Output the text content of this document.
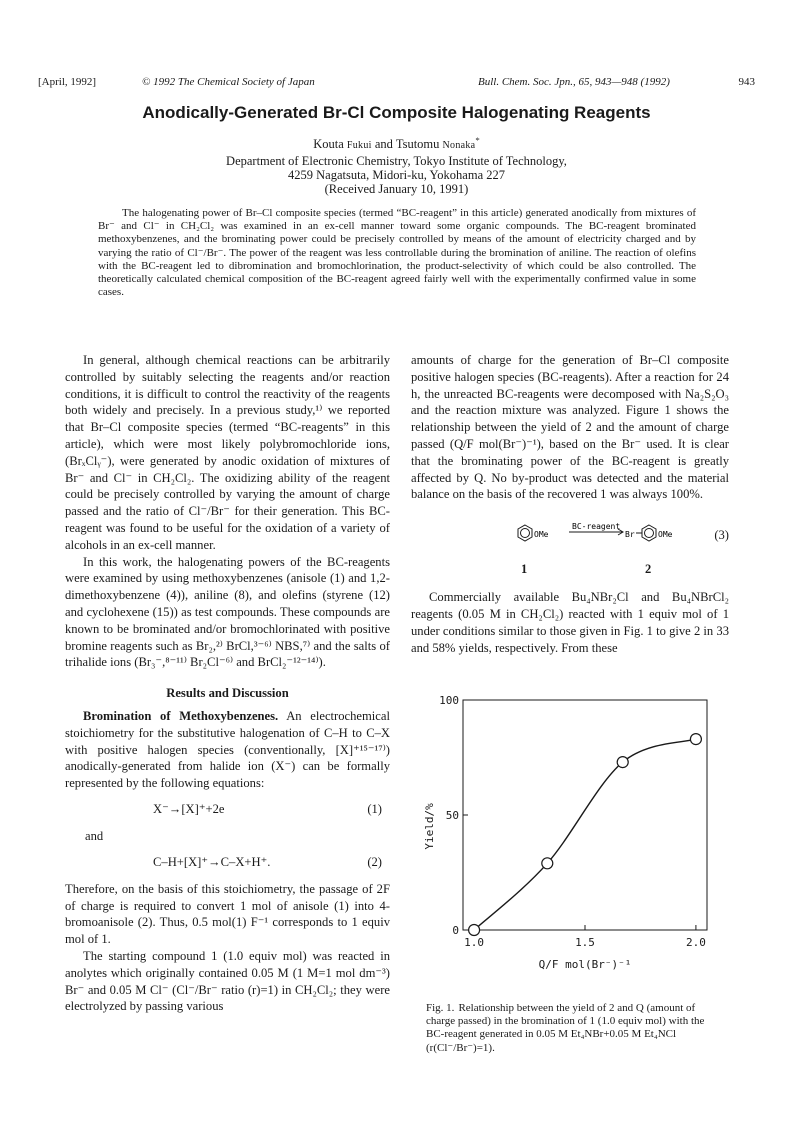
[April, 1992]	© 1992 The Chemical Society of Japan	Bull. Chem. Soc. Jpn., 65, 943—948 (1992)	943
Anodically-Generated Br-Cl Composite Halogenating Reagents
Kouta Fukui and Tsutomu Nonaka*
Department of Electronic Chemistry, Tokyo Institute of Technology,
4259 Nagatsuta, Midori-ku, Yokohama 227
(Received January 10, 1991)

The halogenating power of Br–Cl composite species (termed “BC-reagent” in this article) generated anodically from mixtures of Br⁻ and Cl⁻ in CH₂Cl₂ was examined in an ex-cell manner toward some organic compounds. The BC-reagent brominated methoxybenzenes, and the brominating power could be precisely controlled by means of the amount of electricity charged and by varying the ratio of Cl⁻/Br⁻. The power of the reagent was less controllable during the bromination of aniline. The reaction of olefins with the BC-reagent led to dibromination and bromochlorination, the product-selectivity of which could be also controlled. The theoretically calculated chemical composition of the BC-reagent agreed fairly well with the experimentally confirmed value in some cases.

In general, although chemical reactions can be arbitrarily controlled by suitably selecting the reagents and/or reaction conditions, it is difficult to control the reactivity of the reagents both widely and precisely. In a previous study,¹⁾ we reported that Br–Cl composite species (termed “BC-reagents” in this article), which were most likely polybromochloride ions, (BrₓClᵧ⁻), were generated by anodic oxidation of mixtures of Br⁻ and Cl⁻ in CH₂Cl₂. The oxidizing ability of the reagent could be precisely controlled by varying the amount of charge passed and the ratio of Cl⁻/Br⁻ for their generation. This BC-reagent was found to be useful for the oxidation of a variety of alcohols in an ex-cell manner.

In this work, the halogenating powers of the BC-reagents were examined by using methoxybenzenes (anisole (1) and 1,2-dimethoxybenzene (4)), aniline (8), and olefins (styrene (12) and cyclohexene (15)) as test compounds. These compounds are known to be brominated and/or bromochlorinated with positive bromine reagents such as Br₂,²⁾ BrCl,³⁻⁶⁾ NBS,⁷⁾ and the salts of trihalide ions (Br₃⁻,⁸⁻¹¹⁾ Br₂Cl⁻⁶⁾ and BrCl₂⁻¹²⁻¹⁴⁾).

Results and Discussion

Bromination of Methoxybenzenes. An electrochemical stoichiometry for the substitutive halogenation of C–H to C–X with positive halogen species (conventionally, [X]⁺¹⁵⁻¹⁷⁾) anodically-generated from halide ion (X⁻) can be formally represented by the following equations:

X⁻→[X]⁺+2e	(1)
and
C–H+[X]⁺→C–X+H⁺.	(2)

Therefore, on the basis of this stoichiometry, the passage of 2F of charge is required to convert 1 mol of anisole (1) into 4-bromoanisole (2). Thus, 0.5 mol(1) F⁻¹ corresponds to 1 equiv mol of 1.

The starting compound 1 (1.0 equiv mol) was reacted in anolytes which originally contained 0.05 M (1 M=1 mol dm⁻³) Br⁻ and 0.05 M Cl⁻ (Cl⁻/Br⁻ ratio (r)=1) in CH₂Cl₂; they were electrolyzed by passing various

amounts of charge for the generation of Br–Cl composite positive halogen species (BC-reagents). After a reaction for 24 h, the unreacted BC-reagents were decomposed with Na₂S₂O₃ and the reaction mixture was analyzed. Figure 1 shows the relationship between the yield of 2 and the amount of charge passed (Q/F mol(Br⁻)⁻¹), based on the Br⁻ used. It is clear that the brominating power of the BC-reagent is greatly affected by Q. No by-product was detected and the material balance on the basis of the recovered 1 was always 100%.

OMe
BC-reagent
Br	OMe
1	2
(3)

Commercially available Bu₄NBr₂Cl and Bu₄NBrCl₂ reagents (0.05 M in CH₂Cl₂) reacted with 1 equiv mol of 1 under conditions similar to those given in Fig. 1 to give 2 in 33 and 58% yields, respectively. From these

0
50
100
1.0	1.5	2.0
Q/F mol(Br⁻)⁻¹
Yield/%
Fig. 1. Relationship between the yield of 2 and Q (amount of charge passed) in the bromination of 1 (1.0 equiv mol) with the BC-reagent generated in 0.05 M Et₄NBr+0.05 M Et₄NCl (r(Cl⁻/Br⁻)=1).
